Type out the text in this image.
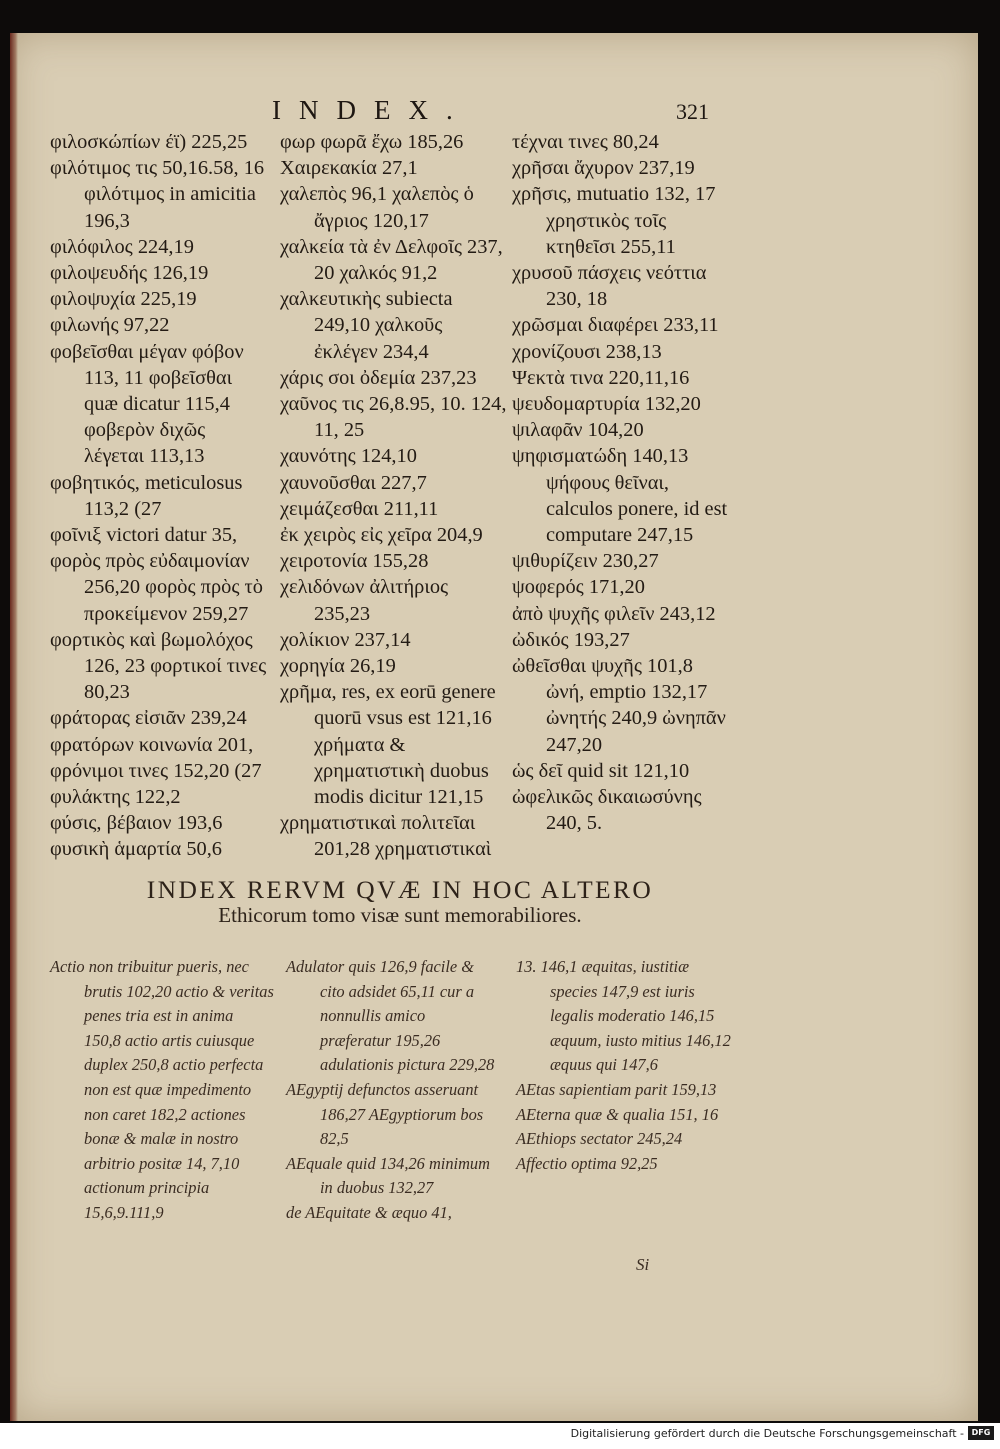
INDEX.	321

φιλοσκώπίων έϊ) 225,25

φιλότιμος τις 50,16.58, 16 φιλότιμος in amicitia 196,3

φιλόφιλος 224,19

φιλοψευδής 126,19

φιλοψυχία 225,19

φιλωνής 97,22

φοβεῖσθαι μέγαν φόβον 113, 11 φοβεῖσθαι quæ dicatur 115,4 φοβερὸν διχῶς λέγεται 113,13

φοβητικός, meticulosus 113,2 (27

φοῖνιξ victori datur 35,

φορὸς πρὸς εὐδαιμονίαν 256,20 φορὸς πρὸς τὸ προκείμενον 259,27

φορτικὸς καὶ βωμολόχος 126, 23 φορτικοί τινες 80,23

φράτορας εἰσιᾶν 239,24

φρατόρων κοινωνία 201,

φρόνιμοι τινες 152,20 (27

φυλάκτης 122,2

φύσις, βέβαιον 193,6

φυσικὴ ἁμαρτία 50,6

φωρ φωρᾶ ἔχω 185,26

Χαιρεκακία 27,1

χαλεπὸς 96,1 χαλεπὸς ὁ ἄγριος 120,17

χαλκεία τὰ ἐν Δελφοῖς 237, 20 χαλκός 91,2

χαλκευτικὴς subiecta 249,10 χαλκοῦς ἐκλέγεν 234,4

χάρις σοι ὀδεμία 237,23

χαῦνος τις 26,8.95, 10. 124, 11, 25

χαυνότης 124,10

χαυνοῦσθαι 227,7

χειμάζεσθαι 211,11

ἐκ χειρὸς εἰς χεῖρα 204,9

χειροτονία 155,28

χελιδόνων ἀλιτήριος 235,23

χολίκιον 237,14

χορηγία 26,19

χρῆμα, res, ex eorū genere quorū vsus est 121,16 χρήματα & χρηματιστικὴ duobus modis dicitur 121,15

χρηματιστικαὶ πολιτεῖαι 201,28 χρηματιστικαὶ

τέχναι τινες 80,24

χρῆσαι ἄχυρον 237,19

χρῆσις, mutuatio 132, 17 χρηστικὸς τοῖς κτηθεῖσι 255,11

χρυσοῦ πάσχεις νεόττια 230, 18

χρῶσμαι διαφέρει 233,11

χρονίζουσι 238,13

Ψεκτὰ τινα 220,11,16

ψευδομαρτυρία 132,20

ψιλαφᾶν 104,20

ψηφισματώδη 140,13 ψήφους θεῖναι, calculos ponere, id est computare 247,15

ψιθυρίζειν 230,27

ψοφερός 171,20

ἀπὸ ψυχῆς φιλεῖν 243,12

ὠδικός 193,27

ὠθεῖσθαι ψυχῆς 101,8 ὠνή, emptio 132,17 ὠνητής 240,9 ὠνηπᾶν 247,20

ὡς δεῖ quid sit 121,10

ὠφελικῶς δικαιωσύνης 240, 5.

INDEX RERVM QVÆ IN HOC ALTERO
Ethicorum tomo visæ sunt memorabiliores.

Actio non tribuitur pueris, nec brutis 102,20 actio & veritas penes tria est in anima 150,8 actio artis cuiusque duplex 250,8 actio perfecta non est quæ impedimento non caret 182,2 actiones bonæ & malæ in nostro arbitrio positæ 14, 7,10 actionum principia 15,6,9.111,9

Adulator quis 126,9 facile & cito adsidet 65,11 cur a nonnullis amico præferatur 195,26 adulationis pictura 229,28

AEgyptij defunctos asseruant 186,27 AEgyptiorum bos 82,5

AEquale quid 134,26 minimum in duobus 132,27

de AEquitate & æquo 41,

13. 146,1 æquitas, iustitiæ species 147,9 est iuris legalis moderatio 146,15 æquum, iusto mitius 146,12 æquus qui 147,6

AEtas sapientiam parit 159,13

AEterna quæ & qualia 151, 16

AEthiops sectator 245,24

Affectio optima 92,25

Si
Digitalisierung gefördert durch die Deutsche Forschungsgemeinschaft - DFG
